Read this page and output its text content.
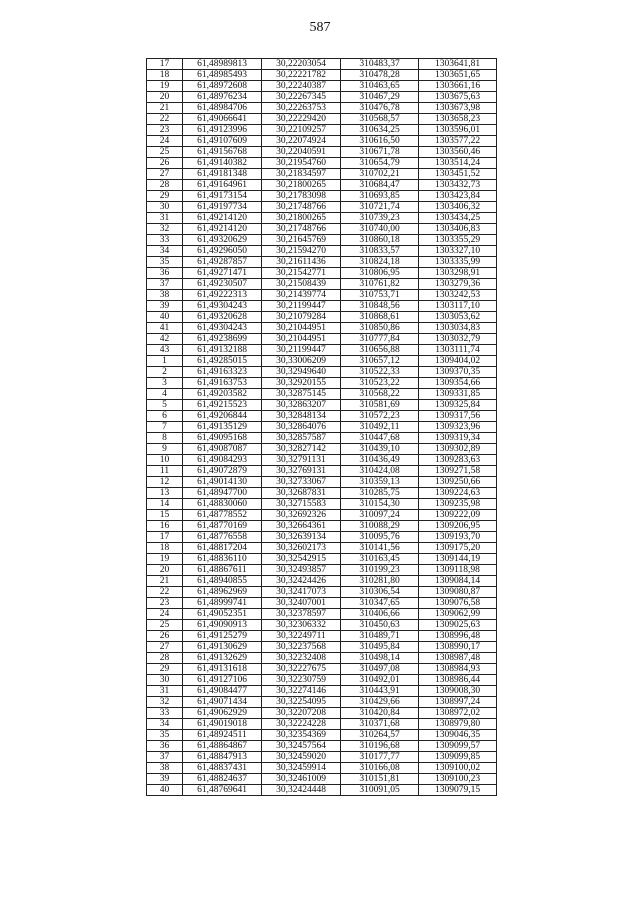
587
17	61,48989813	30,22203054	310483,37	1303641,81
18	61,48985493	30,22221782	310478,28	1303651,65
19	61,48972608	30,22240387	310463,65	1303661,16
20	61,48976234	30,22267345	310467,29	1303675,63
21	61,48984706	30,22263753	310476,78	1303673,98
22	61,49066641	30,22229420	310568,57	1303658,23
23	61,49123996	30,22109257	310634,25	1303596,01
24	61,49107609	30,22074924	310616,50	1303577,22
25	61,49156768	30,22040591	310671,78	1303560,46
26	61,49140382	30,21954760	310654,79	1303514,24
27	61,49181348	30,21834597	310702,21	1303451,52
28	61,49164961	30,21800265	310684,47	1303432,73
29	61,49173154	30,21783098	310693,85	1303423,84
30	61,49197734	30,21748766	310721,74	1303406,32
31	61,49214120	30,21800265	310739,23	1303434,25
32	61,49214120	30,21748766	310740,00	1303406,83
33	61,49320629	30,21645769	310860,18	1303355,29
34	61,49296050	30,21594270	310833,57	1303327,10
35	61,49287857	30,21611436	310824,18	1303335,99
36	61,49271471	30,21542771	310806,95	1303298,91
37	61,49230507	30,21508439	310761,82	1303279,36
38	61,49222313	30,21439774	310753,71	1303242,53
39	61,49304243	30,21199447	310848,56	1303117,10
40	61,49320628	30,21079284	310868,61	1303053,62
41	61,49304243	30,21044951	310850,86	1303034,83
42	61,49238699	30,21044951	310777,84	1303032,79
43	61,49132188	30,21199447	310656,88	1303111,74
1	61,49285015	30,33006209	310657,12	1309404,02
2	61,49163323	30,32949640	310522,33	1309370,35
3	61,49163753	30,32920155	310523,22	1309354,66
4	61,49203582	30,32875145	310568,22	1309331,85
5	61,49215523	30,32863207	310581,69	1309325,84
6	61,49206844	30,32848134	310572,23	1309317,56
7	61,49135129	30,32864076	310492,11	1309323,96
8	61,49095168	30,32857587	310447,68	1309319,34
9	61,49087087	30,32827142	310439,10	1309302,89
10	61,49084293	30,32791131	310436,49	1309283,63
11	61,49072879	30,32769131	310424,08	1309271,58
12	61,49014130	30,32733067	310359,13	1309250,66
13	61,48947700	30,32687831	310285,75	1309224,63
14	61,48830060	30,32715583	310154,30	1309235,98
15	61,48778552	30,32692326	310097,24	1309222,09
16	61,48770169	30,32664361	310088,29	1309206,95
17	61,48776558	30,32639134	310095,76	1309193,70
18	61,48817204	30,32602173	310141,56	1309175,20
19	61,48836110	30,32542915	310163,45	1309144,19
20	61,48867611	30,32493857	310199,23	1309118,98
21	61,48940855	30,32424426	310281,80	1309084,14
22	61,48962969	30,32417073	310306,54	1309080,87
23	61,48999741	30,32407001	310347,65	1309076,58
24	61,49052351	30,32378597	310406,66	1309062,99
25	61,49090913	30,32306332	310450,63	1309025,63
26	61,49125279	30,32249711	310489,71	1308996,48
27	61,49130629	30,32237568	310495,84	1308990,17
28	61,49132629	30,32232408	310498,14	1308987,48
29	61,49131618	30,32227675	310497,08	1308984,93
30	61,49127106	30,32230759	310492,01	1308986,44
31	61,49084477	30,32274146	310443,91	1309008,30
32	61,49071434	30,32254095	310429,66	1308997,24
33	61,49062929	30,32207208	310420,84	1308972,02
34	61,49019018	30,32224228	310371,68	1308979,80
35	61,48924511	30,32354369	310264,57	1309046,35
36	61,48864867	30,32457564	310196,68	1309099,57
37	61,48847913	30,32459020	310177,77	1309099,85
38	61,48837431	30,32459914	310166,08	1309100,02
39	61,48824637	30,32461009	310151,81	1309100,23
40	61,48769641	30,32424448	310091,05	1309079,15
